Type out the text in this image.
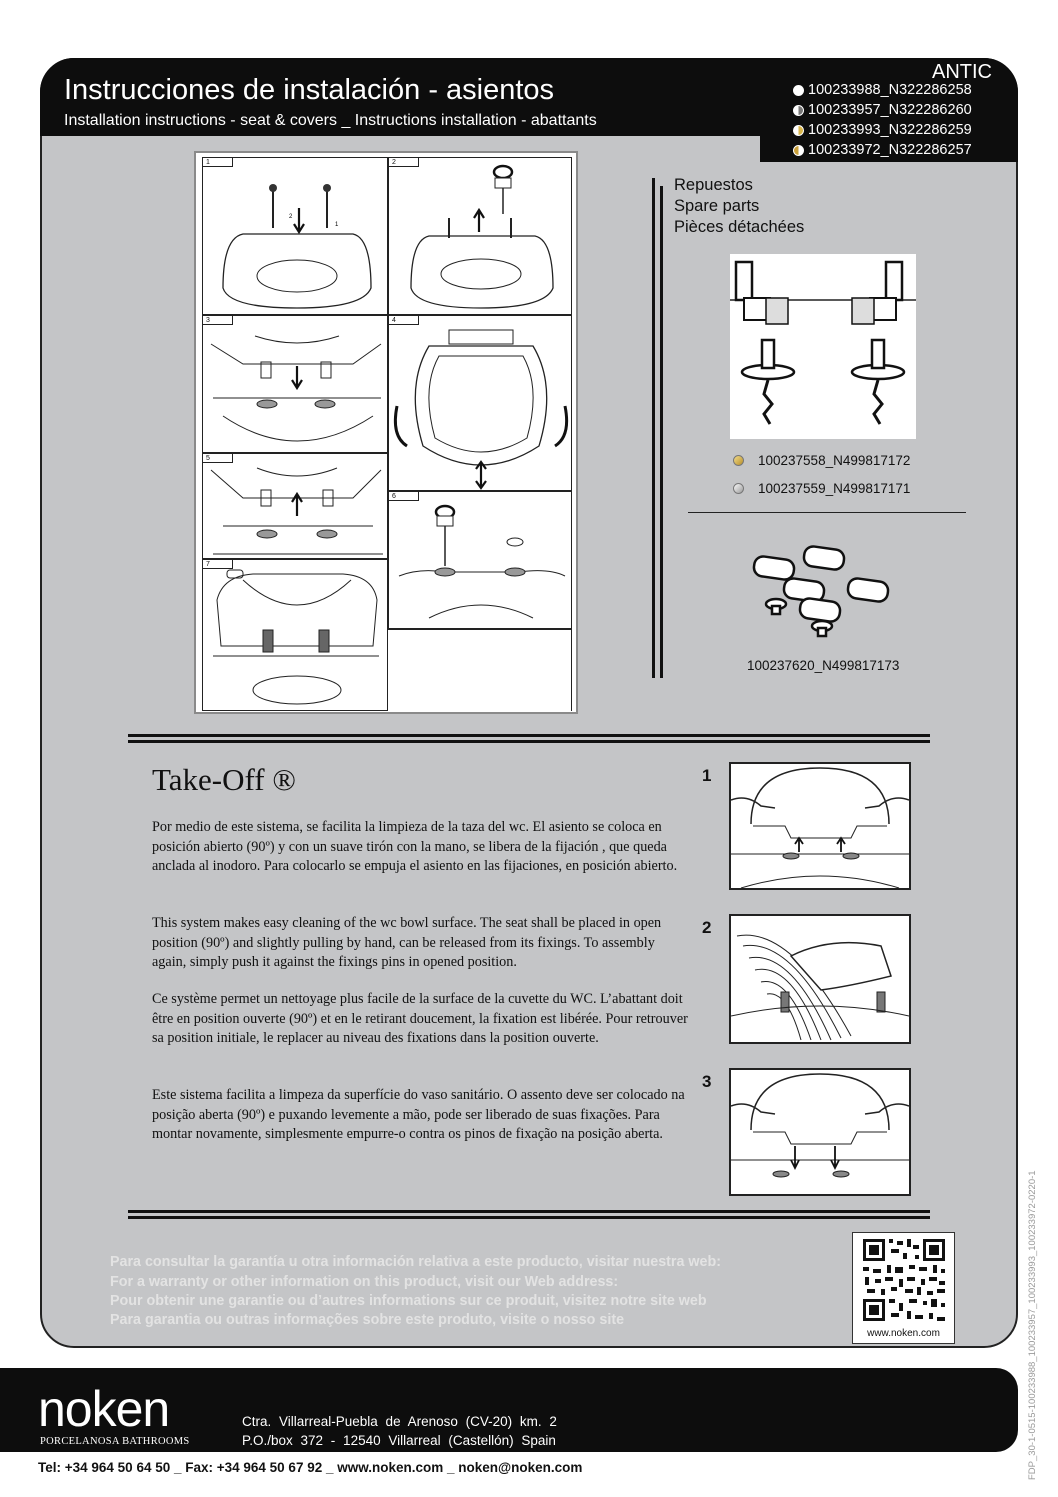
Instrucciones de instalación - asientos
Installation instructions - seat & covers _ Instructions installation - abattants
ANTIC
100233988_N322286258
100233957_N322286260
100233993_N322286259
100233972_N322286257
1
2
1
2
3	4
5
6
7
Repuestos
Spare parts
Pièces détachées
100237558_N499817172
100237559_N499817171
100237620_N499817173
Take-Off ®
Por medio de este sistema, se facilita la limpieza de la taza del wc. El asiento se coloca en posición abierto (90º) y con un suave tirón con la mano, se libera de la fijación , que queda anclada al inodoro. Para colocarlo se empuja el asiento en las fijaciones, en posición abierto.
This system makes easy cleaning of the wc bowl surface. The seat shall be placed in open position (90º) and slightly pulling by hand, can be released from its fixings. To assembly again, simply push it against the fixings pins in opened position.
Ce système permet un nettoyage plus facile de la surface de la cuvette du WC. L’abattant doit être en position ouverte (90º) et en le retirant doucement, la fixation est libérée. Pour retrouver sa position initiale, le replacer au niveau des fixations dans la position ouverte.
Este sistema facilita a limpeza da superfície do vaso sanitário. O assento deve ser colocado na posição aberta (90º) e puxando levemente a mão, pode ser liberado de suas fixações. Para montar novamente, simplesmente empurre-o contra os pinos de fixação na posição aberta.
1
2
3
Para consultar la garantía u otra información relativa a este producto, visitar nuestra web:
For a warranty or other information on this product, visit our Web address:
Pour obtenir une garantie ou d’autres informations sur ce produit, visitez notre site web
Para garantia ou outras informações sobre este produto, visite o nosso site
www.noken.com
noken
PORCELANOSA BATHROOMS
Ctra. Villarreal-Puebla de Arenoso (CV-20) km. 2
P.O./box 372 - 12540 Villarreal (Castellón) Spain
Tel: +34 964 50 64 50 _ Fax: +34 964 50 67 92 _ www.noken.com _ noken@noken.com	FDP_30-1-0515-100233988_100233957_100233993_100233972-0220-1
